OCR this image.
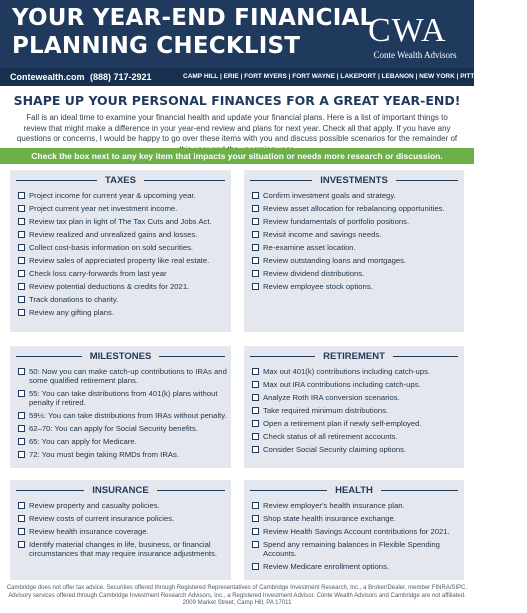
YOUR YEAR-END FINANCIAL
PLANNING CHECKLIST CWA
Conte Wealth Advisors
Contewealth.com (888) 717-2921	CAMP HILL | ERIE | FORT MYERS | FORT WAYNE | LAKEPORT | LEBANON | NEW YORK | PITTSBURGH | YORK
SHAPE UP YOUR PERSONAL FINANCES FOR A GREAT YEAR-END!
Fall is an ideal time to examine your financial health and update your financial plans. Here is a list of important things to review that might make a difference in your year-end review and plans for next year. Check all that apply. If you have any questions or concerns, I would be happy to go over these items with you and discuss possible scenarios for the remainder of
Check the box next to any key item that impacts your situation or needs more research or discussion.
TAXES
Project income for current year & upcoming year.
Project current year net investment income.
Review tax plan in light of The Tax Cuts and Jobs Act.
Review realized and unrealized gains and losses.
Collect cost-basis information on sold securities.
Review sales of appreciated property like real estate.
Check loss carry-forwards from last year
Review potential deductions & credits for 2021.
Track donations to charity.
Review any gifting plans.
INVESTMENTS
Confirm investment goals and strategy.
Review asset allocation for rebalancing opportunities.
Review fundamentals of portfolio positions.
Revisit income and savings needs.
Re-examine asset location.
Review outstanding loans and mortgages.
Review dividend distributions.
Review employee stock options.
MILESTONES
50: Now you can make catch-up contributions to IRAs and some qualified retirement plans.
55: You can take distributions from 401(k) plans without penalty if retired.
59½: You can take distributions from IRAs without penalty.
62–70: You can apply for Social Security benefits.
65: You can apply for Medicare.
72: You must begin taking RMDs from IRAs.
RETIREMENT
Max out 401(k) contributions including catch-ups.
Max out IRA contributions including catch-ups.
Analyze Roth IRA conversion scenarios.
Take required minimum distributions.
Open a retirement plan if newly self-employed.
Check status of all retirement accounts.
Consider Social Security claiming options.
INSURANCE
Review property and casualty policies.
Review costs of current insurance policies.
Review health insurance coverage.
Identify material changes in life, business, or financial circumstances that may require insurance adjustments.
HEALTH
Review employer's health insurance plan.
Shop state health insurance exchange.
Review Health Savings Account contributions for 2021.
Spend any remaining balances in Flexible Spending Accounts.
Review Medicare enrollment options.
Cambridge does not offer tax advice. Securities offered through Registered Representatives of Cambridge Investment Research, Inc., a Broker/Dealer, member FINRA/SIPC.
Advisory services offered through Cambridge Investment Research Advisors, Inc., a Registered Investment Advisor. Conte Wealth Advisors and Cambridge are not affiliated.
2009 Market Street, Camp Hill, PA 17011
